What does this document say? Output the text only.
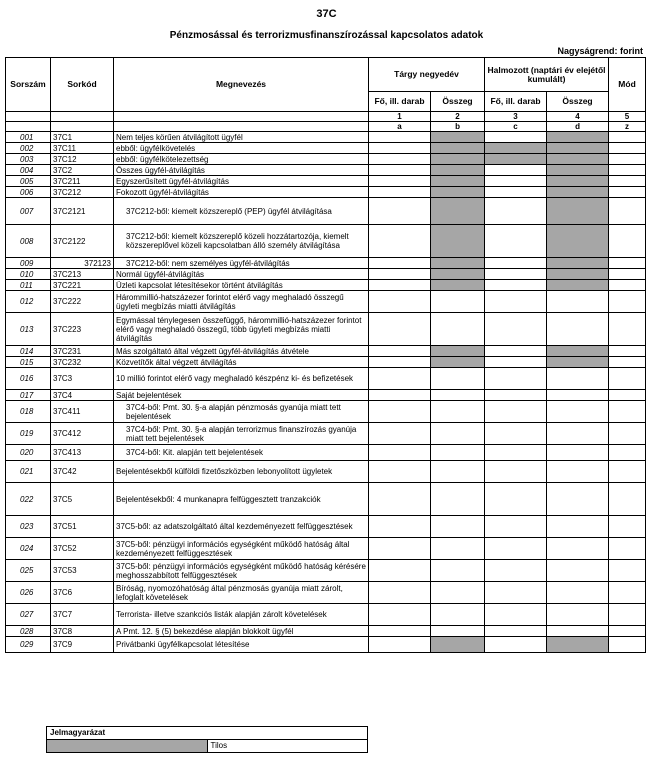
37C
Pénzmosással és terrorizmusfinanszírozással kapcsolatos adatok
Nagyságrend: forint
Sorszám	Sorkód	Megnevezés	Tárgy negyedév		Halmozott (naptári év elejétől kumulált)		Mód
			Fő, ill. darab	Összeg	Fő, ill. darab	Összeg	
			1	2	3	4	5
			a	b	c	d	z
001	37C1	Nem teljes körűen átvilágított ügyfél					
002	37C11	ebből: ügyfélkövetelés					
003	37C12	ebből: ügyfélkötelezettség					
004	37C2	Összes ügyfél-átvilágítás					
005	37C211	Egyszerűsített ügyfél-átvilágítás					
006	37C212	Fokozott ügyfél-átvilágítás					
007	37C2121	37C212-ből: kiemelt közszereplő (PEP) ügyfél átvilágítása					
008	37C2122	37C212-ből: kiemelt közszereplő közeli hozzátartozója, kiemelt közszereplővel közeli kapcsolatban álló személy átvilágítása					
009	372123	37C212-ből: nem személyes ügyfél-átvilágítás					
010	37C213	Normál ügyfél-átvilágítás					
011	37C221	Üzleti kapcsolat létesítésekor történt átvilágítás					
012	37C222	Hárommillió-hatszázezer forintot elérő vagy meghaladó összegű ügyleti megbízás miatti átvilágítás					
013	37C223	Egymással ténylegesen összefüggő, hárommillió-hatszázezer forintot elérő vagy meghaladó összegű, több ügyleti megbízás miatti átvilágítás					
014	37C231	Más szolgáltató által végzett ügyfél-átvilágítás átvétele					
015	37C232	Közvetítők által végzett átvilágítás					
016	37C3	10 millió forintot elérő vagy meghaladó készpénz ki- és befizetések					
017	37C4	Saját bejelentések					
018	37C411	37C4-ből: Pmt. 30. §-a alapján pénzmosás gyanúja miatt tett bejelentések					
019	37C412	37C4-ből: Pmt. 30. §-a alapján terrorizmus finanszírozás gyanúja miatt tett bejelentések					
020	37C413	37C4-ből: Kit. alapján tett bejelentések					
021	37C42	Bejelentésekből külföldi fizetőszközben lebonyolított ügyletek					
022	37C5	Bejelentésekből: 4 munkanapra felfüggesztett tranzakciók					
023	37C51	37C5-ből: az adatszolgáltató által kezdeményezett felfüggesztések					
024	37C52	37C5-ből: pénzügyi információs egységként működő hatóság által kezdeményezett felfüggesztések					
025	37C53	37C5-ből: pénzügyi információs egységként működő hatóság kérésére meghosszabbított felfüggesztések					
026	37C6	Bíróság, nyomozóhatóság által pénzmosás gyanúja miatt zárolt, lefoglalt követelések					
027	37C7	Terrorista- illetve szankciós listák alapján zárolt követelések					
028	37C8	A Pmt. 12. § (5) bekezdése alapján blokkolt ügyfél					
029	37C9	Privátbanki ügyfélkapcsolat létesítése					
Jelmagyarázat
	Tilos
